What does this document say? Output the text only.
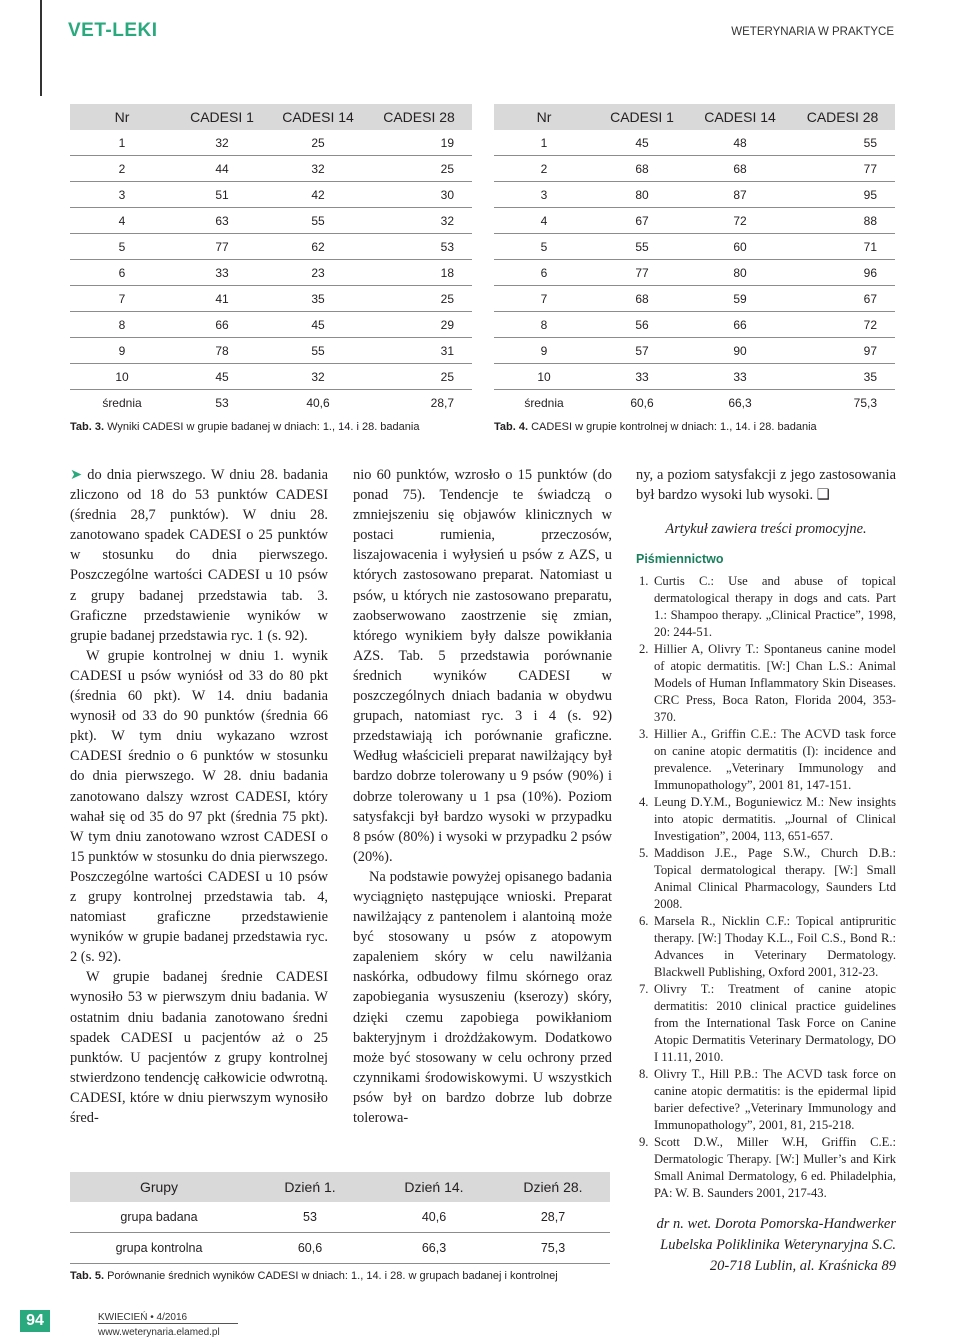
VET-LEKI	WETERYNARIA W PRAKTYCE
Nr	CADESI 1	CADESI 14	CADESI 28
1	32	25	19
2	44	32	25
3	51	42	30
4	63	55	32
5	77	62	53
6	33	23	18
7	41	35	25
8	66	45	29
9	78	55	31
10	45	32	25
średnia	53	40,6	28,7
Tab. 3. Wyniki CADESI w grupie badanej w dniach: 1., 14. i 28. badania
Nr	CADESI 1	CADESI 14	CADESI 28
1	45	48	55
2	68	68	77
3	80	87	95
4	67	72	88
5	55	60	71
6	77	80	96
7	68	59	67
8	56	66	72
9	57	90	97
10	33	33	35
średnia	60,6	66,3	75,3
Tab. 4. CADESI w grupie kontrolnej w dniach: 1., 14. i 28. badania

➤ do dnia pierwszego. W dniu 28. badania zliczono od 18 do 53 punktów CADESI (średnia 28,7 punktów). W dniu 28. zanotowano spadek CADESI o 25 punktów w stosunku do dnia pierwszego. Poszczególne wartości CADESI u 10 psów z grupy badanej przedstawia tab. 3. Graficzne przedstawienie wyników w grupie badanej przedstawia ryc. 1 (s. 92).

W grupie kontrolnej w dniu 1. wynik CADESI u psów wyniósł od 33 do 80 pkt (średnia 60 pkt). W 14. dniu badania wynosił od 33 do 90 punktów (średnia 66 pkt). W tym dniu wykazano wzrost CADESI średnio o 6 punktów w stosunku do dnia pierwszego. W 28. dniu badania zanotowano dalszy wzrost CADESI, który wahał się od 35 do 97 pkt (średnia 75 pkt). W tym dniu zanotowano wzrost CADESI o 15 punktów w stosunku do dnia pierwszego. Poszczególne wartości CADESI u 10 psów z grupy kontrolnej przedstawia tab. 4, natomiast graficzne przedstawienie wyników w grupie badanej przedstawia ryc. 2 (s. 92).

W grupie badanej średnie CADESI wynosiło 53 w pierwszym dniu badania. W ostatnim dniu badania zanotowano średni spadek CADESI u pacjentów aż o 25 punktów. U pacjentów z grupy kontrolnej stwierdzono tendencję całkowicie odwrotną. CADESI, które w dniu pierwszym wynosiło śred-

nio 60 punktów, wzrosło o 15 punktów (do ponad 75). Tendencje te świadczą o zmniejszeniu się objawów klinicznych w postaci rumienia, przeczosów, liszajowacenia i wyłysień u psów z AZS, u których zastosowano preparat. Natomiast u psów, u których nie zastosowano preparatu, zaobserwowano zaostrzenie się zmian, którego wynikiem były dalsze powikłania AZS. Tab. 5 przedstawia porównanie średnich wyników CADESI w poszczególnych dniach badania w obydwu grupach, natomiast ryc. 3 i 4 (s. 92) przedstawiają ich porównanie graficzne. Według właścicieli preparat nawilżający był bardzo dobrze tolerowany u 9 psów (90%) i dobrze tolerowany u 1 psa (10%). Poziom satysfakcji był bardzo wysoki w przypadku 8 psów (80%) i wysoki w przypadku 2 psów (20%).

Na podstawie powyżej opisanego badania wyciągnięto następujące wnioski. Preparat nawilżający z pantenolem i alantoiną może być stosowany u psów z atopowym zapaleniem skóry w celu nawilżania naskórka, odbudowy filmu skórnego oraz zapobiegania wysuszeniu (kserozy) skóry, dzięki czemu zapobiega powikłaniom bakteryjnym i drożdżakowym. Dodatkowo może być stosowany w celu ochrony przed czynnikami środowiskowymi. U wszystkich psów był on bardzo dobrze lub dobrze tolerowa-

ny, a poziom satysfakcji z jego zastosowania był bardzo wysoki lub wysoki. ❑

Artykuł zawiera treści promocyjne.

Piśmiennictwo
1. Curtis C.: Use and abuse of topical dermatological therapy in dogs and cats. Part 1.: Shampoo therapy. „Clinical Practice”, 1998, 20: 244-51.
2. Hillier A, Olivry T.: Spontaneus canine model of atopic dermatitis. [W:] Chan L.S.: Animal Models of Human Inflammatory Skin Diseases. CRC Press, Boca Raton, Florida 2004, 353-370.
3. Hillier A., Griffin C.E.: The ACVD task force on canine atopic dermatitis (I): incidence and prevalence. „Veterinary Immunology and Immunopathology”, 2001 81, 147-151.
4. Leung D.Y.M., Boguniewicz M.: New insights into atopic dermatitis. „Journal of Clinical Investigation”, 2004, 113, 651-657.
5. Maddison J.E., Page S.W., Church D.B.: Topical dermatological therapy. [W:] Small Animal Clinical Pharmacology, Saunders Ltd 2008.
6. Marsela R., Nicklin C.F.: Topical antipruritic therapy. [W:] Thoday K.L., Foil C.S., Bond R.: Advances in Veterinary Dermatology. Blackwell Publishing, Oxford 2001, 312-23.
7. Olivry T.: Treatment of canine atopic dermatitis: 2010 clinical practice guidelines from the International Task Force on Canine Atopic Dermatitis Veterinary Dermatology, DO I 11.11, 2010.
8. Olivry T., Hill P.B.: The ACVD task force on canine atopic dermatitis: is the epidermal lipid barier defective? „Veterinary Immunology and Immunopathology”, 2001, 81, 215-218.
9. Scott D.W., Miller W.H, Griffin C.E.: Dermatologic Therapy. [W:] Muller’s and Kirk Small Animal Dermatology, 6 ed. Philadelphia, PA: W. B. Saunders 2001, 217-43.
dr n. wet. Dorota Pomorska-Handwerker
Lubelska Poliklinika Weterynaryjna S.C.
20-718 Lublin, al. Kraśnicka 89
Grupy	Dzień 1.	Dzień 14.	Dzień 28.
grupa badana	53	40,6	28,7
grupa kontrolna	60,6	66,3	75,3
Tab. 5. Porównanie średnich wyników CADESI w dniach: 1., 14. i 28. w grupach badanej i kontrolnej
94	KWIECIEŃ • 4/2016
www.weterynaria.elamed.pl
